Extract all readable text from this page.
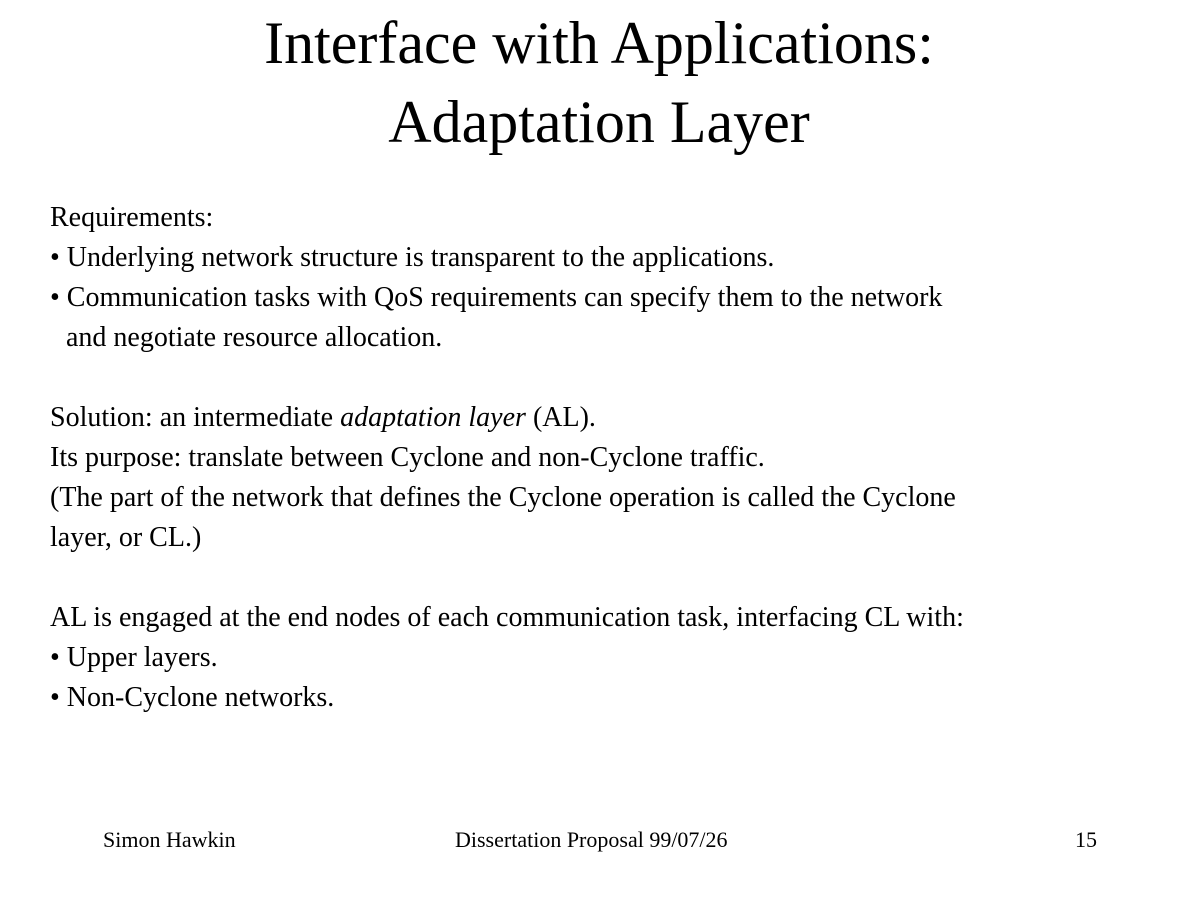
Interface with Applications:
Adaptation Layer
Requirements:
• Underlying network structure is transparent to the applications.
• Communication tasks with QoS requirements can specify them to the network
and negotiate resource allocation.
Solution: an intermediate adaptation layer (AL).
Its purpose: translate between Cyclone and non-Cyclone traffic.
(The part of the network that defines the Cyclone operation is called the Cyclone
layer, or CL.)
AL is engaged at the end nodes of each communication task, interfacing CL with:
• Upper layers.
• Non-Cyclone networks.
Simon Hawkin	Dissertation Proposal 99/07/26	15
